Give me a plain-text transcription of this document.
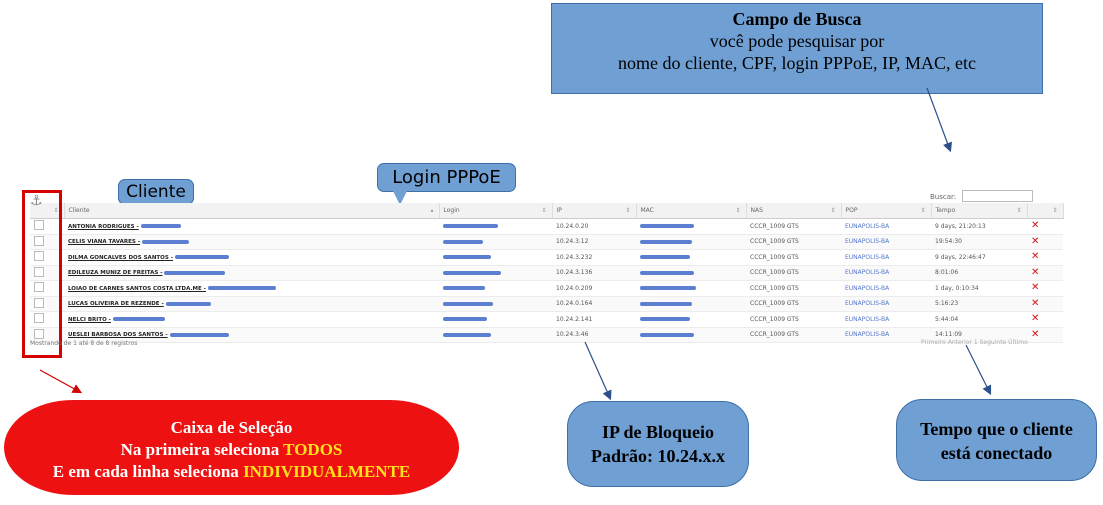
Campo de Busca
você pode pesquisar por
nome do cliente, CPF, login PPPoE, IP, MAC, etc
Buscar:
Cliente
Login PPPoE
⇕	Cliente ▴	Login ⇕	IP ⇕	MAC ⇕	NAS ⇕	POP ⇕	Tempo ⇕	⇕

	ANTONIA RODRIGUES -		10.24.0.20		CCCR_1009 GTS	EUNAPOLIS-BA	9 days, 21:20:13	✕
	CELIS VIANA TAVARES -		10.24.3.12		CCCR_1009 GTS	EUNAPOLIS-BA	19:54:30	✕
	DILMA GONCALVES DOS SANTOS -		10.24.3.232		CCCR_1009 GTS	EUNAPOLIS-BA	9 days, 22:46:47	✕
	EDILEUZA MUNIZ DE FREITAS -		10.24.3.136		CCCR_1009 GTS	EUNAPOLIS-BA	8:01:06	✕
	LOIAO DE CARNES SANTOS COSTA LTDA.ME -		10.24.0.209		CCCR_1009 GTS	EUNAPOLIS-BA	1 day, 0:10:34	✕
	LUCAS OLIVEIRA DE REZENDE -		10.24.0.164		CCCR_1009 GTS	EUNAPOLIS-BA	5:16:23	✕
	NELCI BRITO -		10.24.2.141		CCCR_1009 GTS	EUNAPOLIS-BA	5:44:04	✕
	UESLEI BARBOSA DOS SANTOS -		10.24.3.46		CCCR_1009 GTS	EUNAPOLIS-BA	14:11:09	✕
⚓
Mostrando de 1 até 8 de 8 registros	Primeiro Anterior 1 Seguinte Último
Caixa de Seleção
Na primeira seleciona TODOS
E em cada linha seleciona INDIVIDUALMENTE
IP de Bloqueio
Padrão: 10.24.x.x
Tempo que o cliente
está conectado
